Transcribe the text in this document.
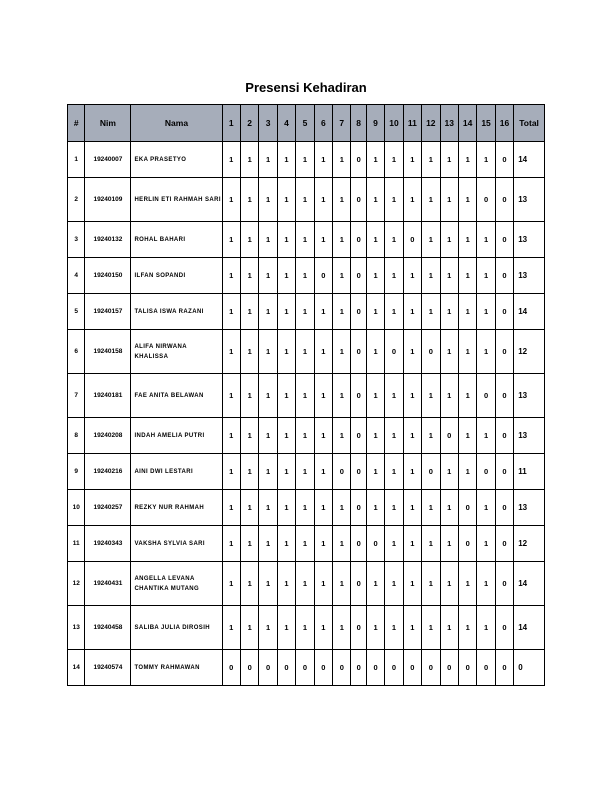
Presensi Kehadiran
#	Nim	Nama	1	2	3	4	5	6	7	8	9	10	11	12	13	14	15	16	Total
1	19240007	EKA PRASETYO	1	1	1	1	1	1	1	0	1	1	1	1	1	1	1	0	14
2	19240109	HERLIN ETI RAHMAH SARI	1	1	1	1	1	1	1	0	1	1	1	1	1	1	0	0	13
3	19240132	ROHAL BAHARI	1	1	1	1	1	1	1	0	1	1	0	1	1	1	1	0	13
4	19240150	ILFAN SOPANDI	1	1	1	1	1	0	1	0	1	1	1	1	1	1	1	0	13
5	19240157	TALISA ISWA RAZANI	1	1	1	1	1	1	1	0	1	1	1	1	1	1	1	0	14
6	19240158	ALIFA NIRWANA KHALISSA	1	1	1	1	1	1	1	0	1	0	1	0	1	1	1	0	12
7	19240181	FAE ANITA BELAWAN	1	1	1	1	1	1	1	0	1	1	1	1	1	1	0	0	13
8	19240208	INDAH AMELIA PUTRI	1	1	1	1	1	1	1	0	1	1	1	1	0	1	1	0	13
9	19240216	AINI DWI LESTARI	1	1	1	1	1	1	0	0	1	1	1	0	1	1	0	0	11
10	19240257	REZKY NUR RAHMAH	1	1	1	1	1	1	1	0	1	1	1	1	1	0	1	0	13
11	19240343	VAKSHA SYLVIA SARI	1	1	1	1	1	1	1	0	0	1	1	1	1	0	1	0	12
12	19240431	ANGELLA LEVANA CHANTIKA MUTANG	1	1	1	1	1	1	1	0	1	1	1	1	1	1	1	0	14
13	19240458	SALIBA JULIA DIROSIH	1	1	1	1	1	1	1	0	1	1	1	1	1	1	1	0	14
14	19240574	TOMMY RAHMAWAN	0	0	0	0	0	0	0	0	0	0	0	0	0	0	0	0	0
